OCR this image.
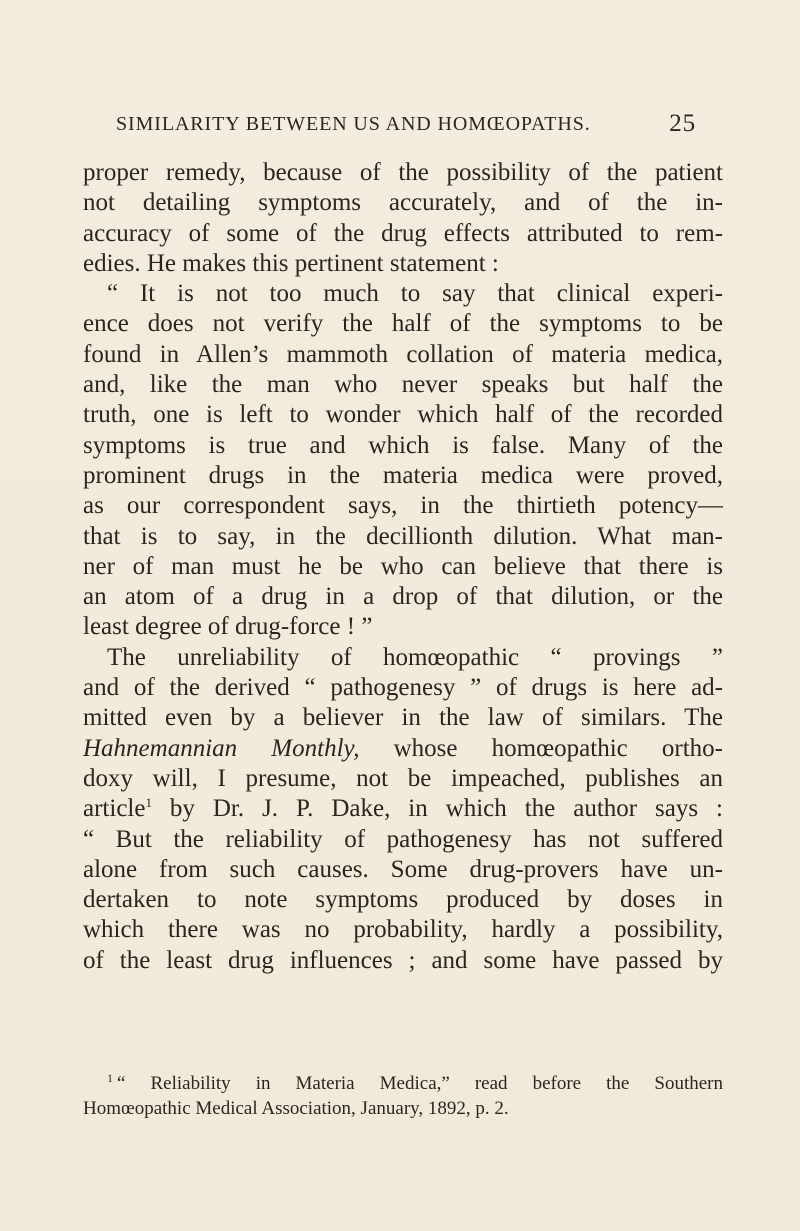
SIMILARITY BETWEEN US AND HOMŒOPATHS.	25
proper remedy, because of the possibility of the patient
not detailing symptoms accurately, and of the in-
accuracy of some of the drug effects attributed to rem-
edies. He makes this pertinent statement :
“ It is not too much to say that clinical experi-
ence does not verify the half of the symptoms to be
found in Allen’s mammoth collation of materia medica,
and, like the man who never speaks but half the
truth, one is left to wonder which half of the recorded
symptoms is true and which is false. Many of the
prominent drugs in the materia medica were proved,
as our correspondent says, in the thirtieth potency—
that is to say, in the decillionth dilution. What man-
ner of man must he be who can believe that there is
an atom of a drug in a drop of that dilution, or the
least degree of drug-force ! ”
The unreliability of homœopathic “ provings ”
and of the derived “ pathogenesy ” of drugs is here ad-
mitted even by a believer in the law of similars. The
Hahnemannian Monthly, whose homœopathic ortho-
doxy will, I presume, not be impeached, publishes an
article$^1$ by Dr. J. P. Dake, in which the author says :
“ But the reliability of pathogenesy has not suffered
alone from such causes. Some drug-provers have un-
dertaken to note symptoms produced by doses in
which there was no probability, hardly a possibility,
of the least drug influences ; and some have passed by
$^1$ “ Reliability in Materia Medica,” read before the Southern
Homœopathic Medical Association, January, 1892, p. 2.
